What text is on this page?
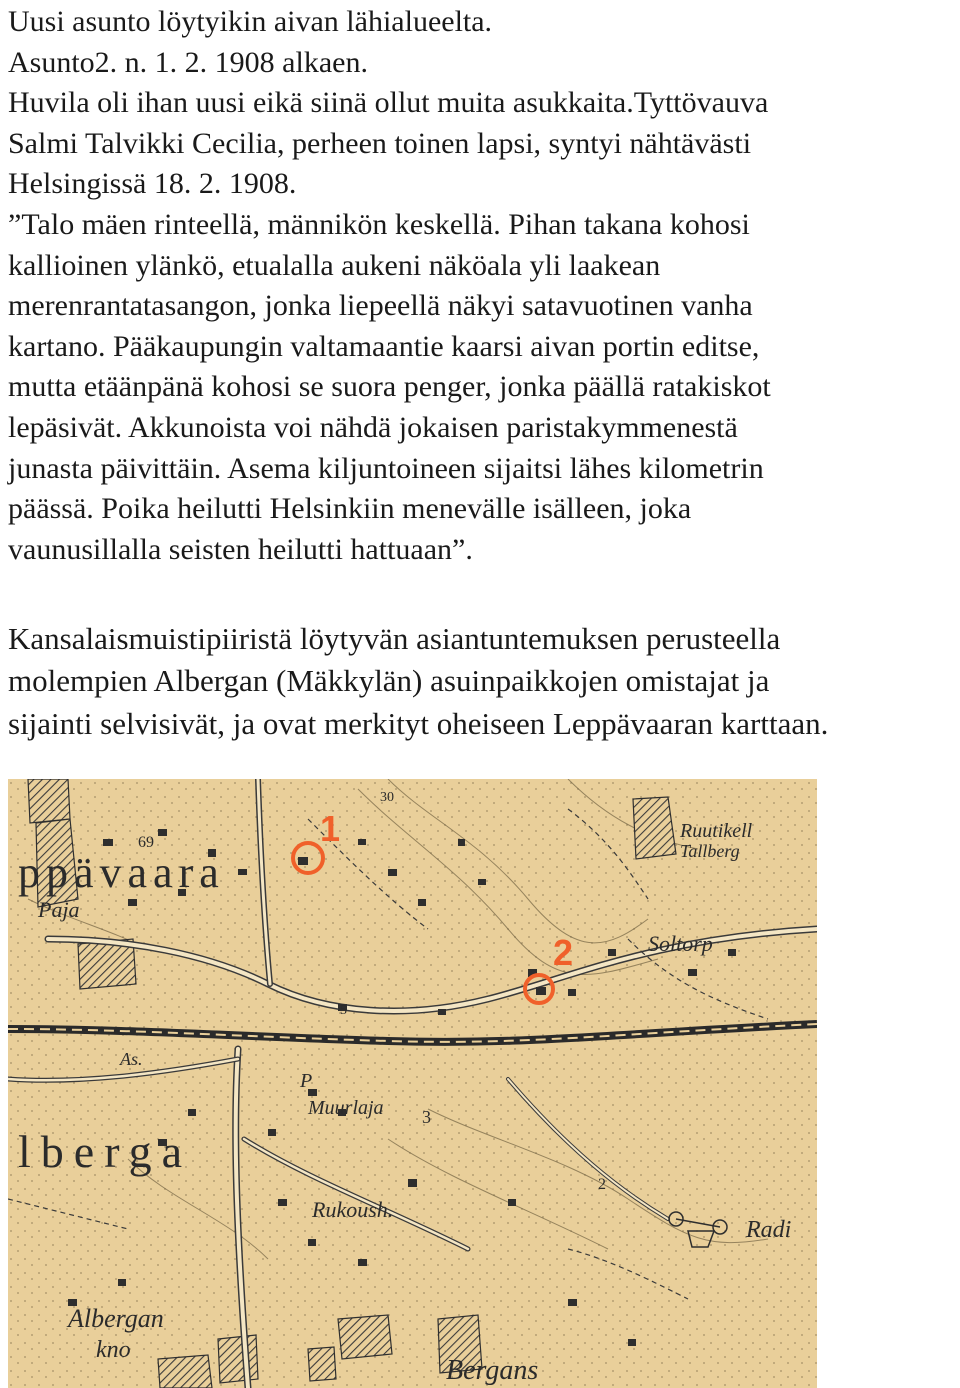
Uusi asunto löytyikin aivan lähialueelta.
Asunto2. n. 1. 2. 1908 alkaen.
Huvila oli ihan uusi eikä siinä ollut muita asukkaita.Tyttövauva
Salmi Talvikki Cecilia, perheen toinen lapsi, syntyi nähtävästi
Helsingissä 18. 2. 1908.
”Talo mäen rinteellä, männikön keskellä. Pihan takana kohosi
kallioinen ylänkö, etualalla aukeni näköala yli laakean
merenrantatasangon, jonka liepeellä näkyi satavuotinen vanha
kartano. Pääkaupungin valtamaantie kaarsi aivan portin editse,
mutta etäänpänä kohosi se suora penger, jonka päällä ratakiskot
lepäsivät. Akkunoista voi nähdä jokaisen paristakymmenestä
junasta päivittäin. Asema kiljuntoineen sijaitsi lähes kilometrin
päässä. Poika heilutti Helsinkiin menevälle isälleen, joka
vaunusillalla seisten heilutti hattuaan”.
Kansalaismuistipiiristä löytyvän asiantuntemuksen perusteella
molempien Albergan (Mäkkylän) asuinpaikkojen omistajat ja
sijainti selvisivät, ja ovat merkityt oheiseen Leppävaaran karttaan.
ppävaara
Paja
Ruutikell
Tallberg
Soltorp
As.
lberga
P
Muurlaja
Rukoush.
Radi
Albergan
kno
Bergans
69
30
5
3
2
1
2
